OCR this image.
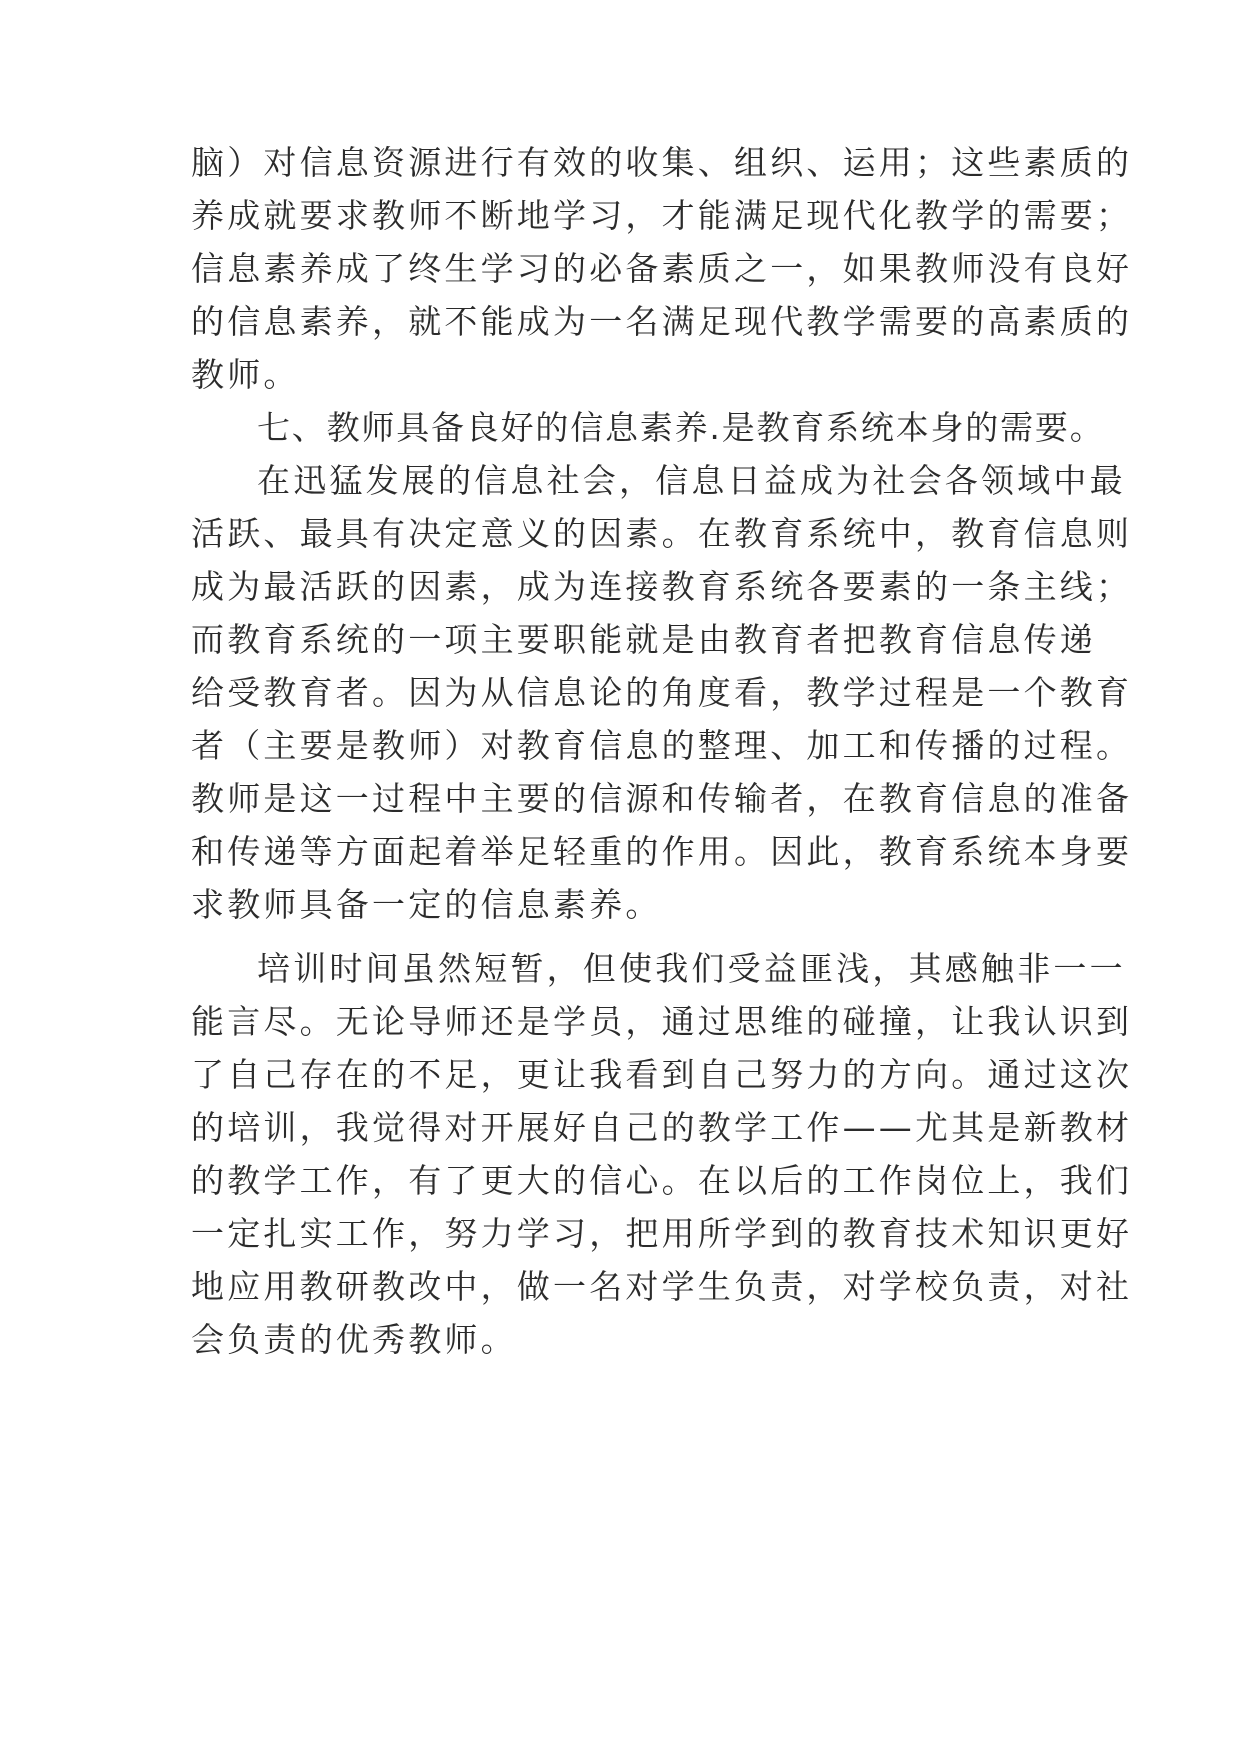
脑）对信息资源进行有效的收集、组织、运用；这些素质的

养成就要求教师不断地学习，才能满足现代化教学的需要；

信息素养成了终生学习的必备素质之一，如果教师没有良好

的信息素养，就不能成为一名满足现代教学需要的高素质的

教师。

七、教师具备良好的信息素养.是教育系统本身的需要。

在迅猛发展的信息社会，信息日益成为社会各领域中最

活跃、最具有决定意义的因素。在教育系统中，教育信息则

成为最活跃的因素，成为连接教育系统各要素的一条主线；

而教育系统的一项主要职能就是由教育者把教育信息传递

给受教育者。因为从信息论的角度看，教学过程是一个教育

者（主要是教师）对教育信息的整理、加工和传播的过程。

教师是这一过程中主要的信源和传输者，在教育信息的准备

和传递等方面起着举足轻重的作用。因此，教育系统本身要

求教师具备一定的信息素养。

培训时间虽然短暂，但使我们受益匪浅，其感触非一一

能言尽。无论导师还是学员，通过思维的碰撞，让我认识到

了自己存在的不足，更让我看到自己努力的方向。通过这次

的培训，我觉得对开展好自己的教学工作——尤其是新教材

的教学工作，有了更大的信心。在以后的工作岗位上，我们

一定扎实工作，努力学习，把用所学到的教育技术知识更好

地应用教研教改中，做一名对学生负责，对学校负责，对社

会负责的优秀教师。
